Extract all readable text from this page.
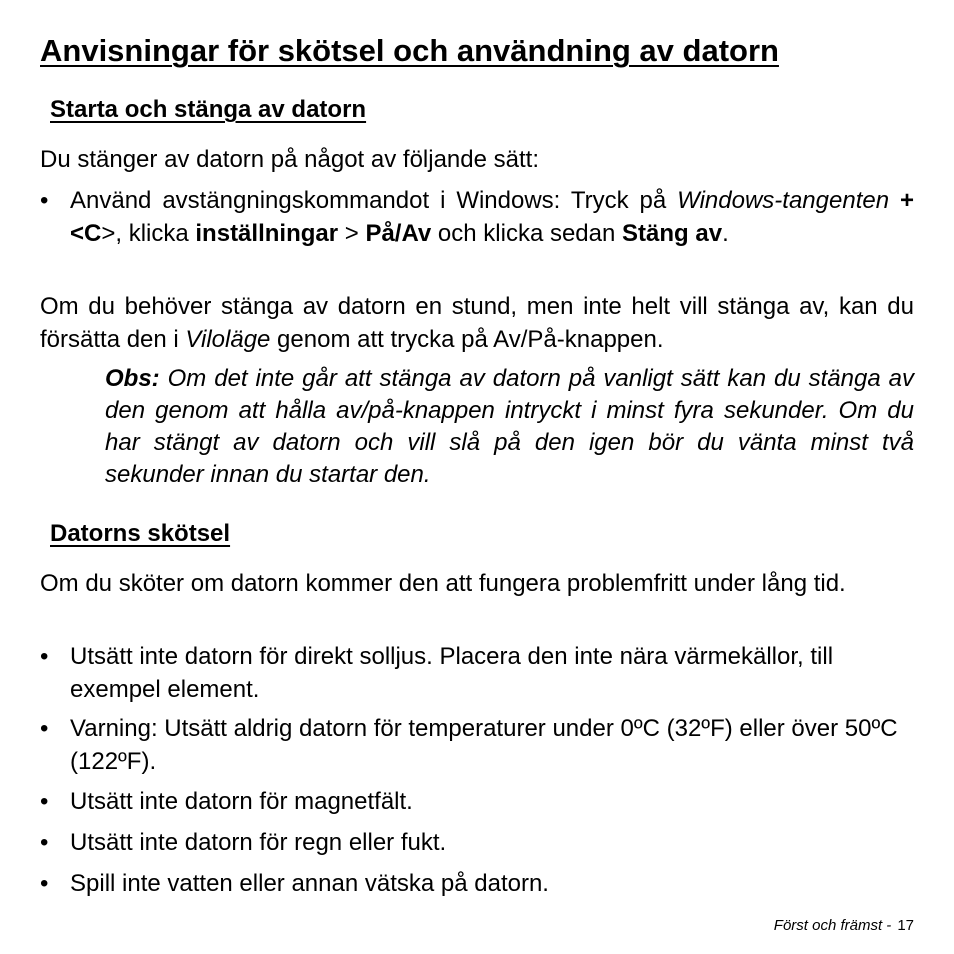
Anvisningar för skötsel och användning av datorn
Starta och stänga av datorn

Du stänger av datorn på något av följande sätt:

• Använd avstängningskommandot i Windows: Tryck på Windows-tangenten + <C>, klicka inställningar > På/Av och klicka sedan Stäng av.

Om du behöver stänga av datorn en stund, men inte helt vill stänga av, kan du försätta den i Viloläge genom att trycka på Av/På-knappen.

Obs: Om det inte går att stänga av datorn på vanligt sätt kan du stänga av den genom att hålla av/på-knappen intryckt i minst fyra sekunder. Om du har stängt av datorn och vill slå på den igen bör du vänta minst två sekunder innan du startar den.

Datorns skötsel

Om du sköter om datorn kommer den att fungera problemfritt under lång tid.

• Utsätt inte datorn för direkt solljus. Placera den inte nära värmekällor, till exempel element.
• Varning: Utsätt aldrig datorn för temperaturer under 0ºC (32ºF) eller över 50ºC (122ºF).
• Utsätt inte datorn för magnetfält.
• Utsätt inte datorn för regn eller fukt.
• Spill inte vatten eller annan vätska på datorn.
Först och främst - 17
